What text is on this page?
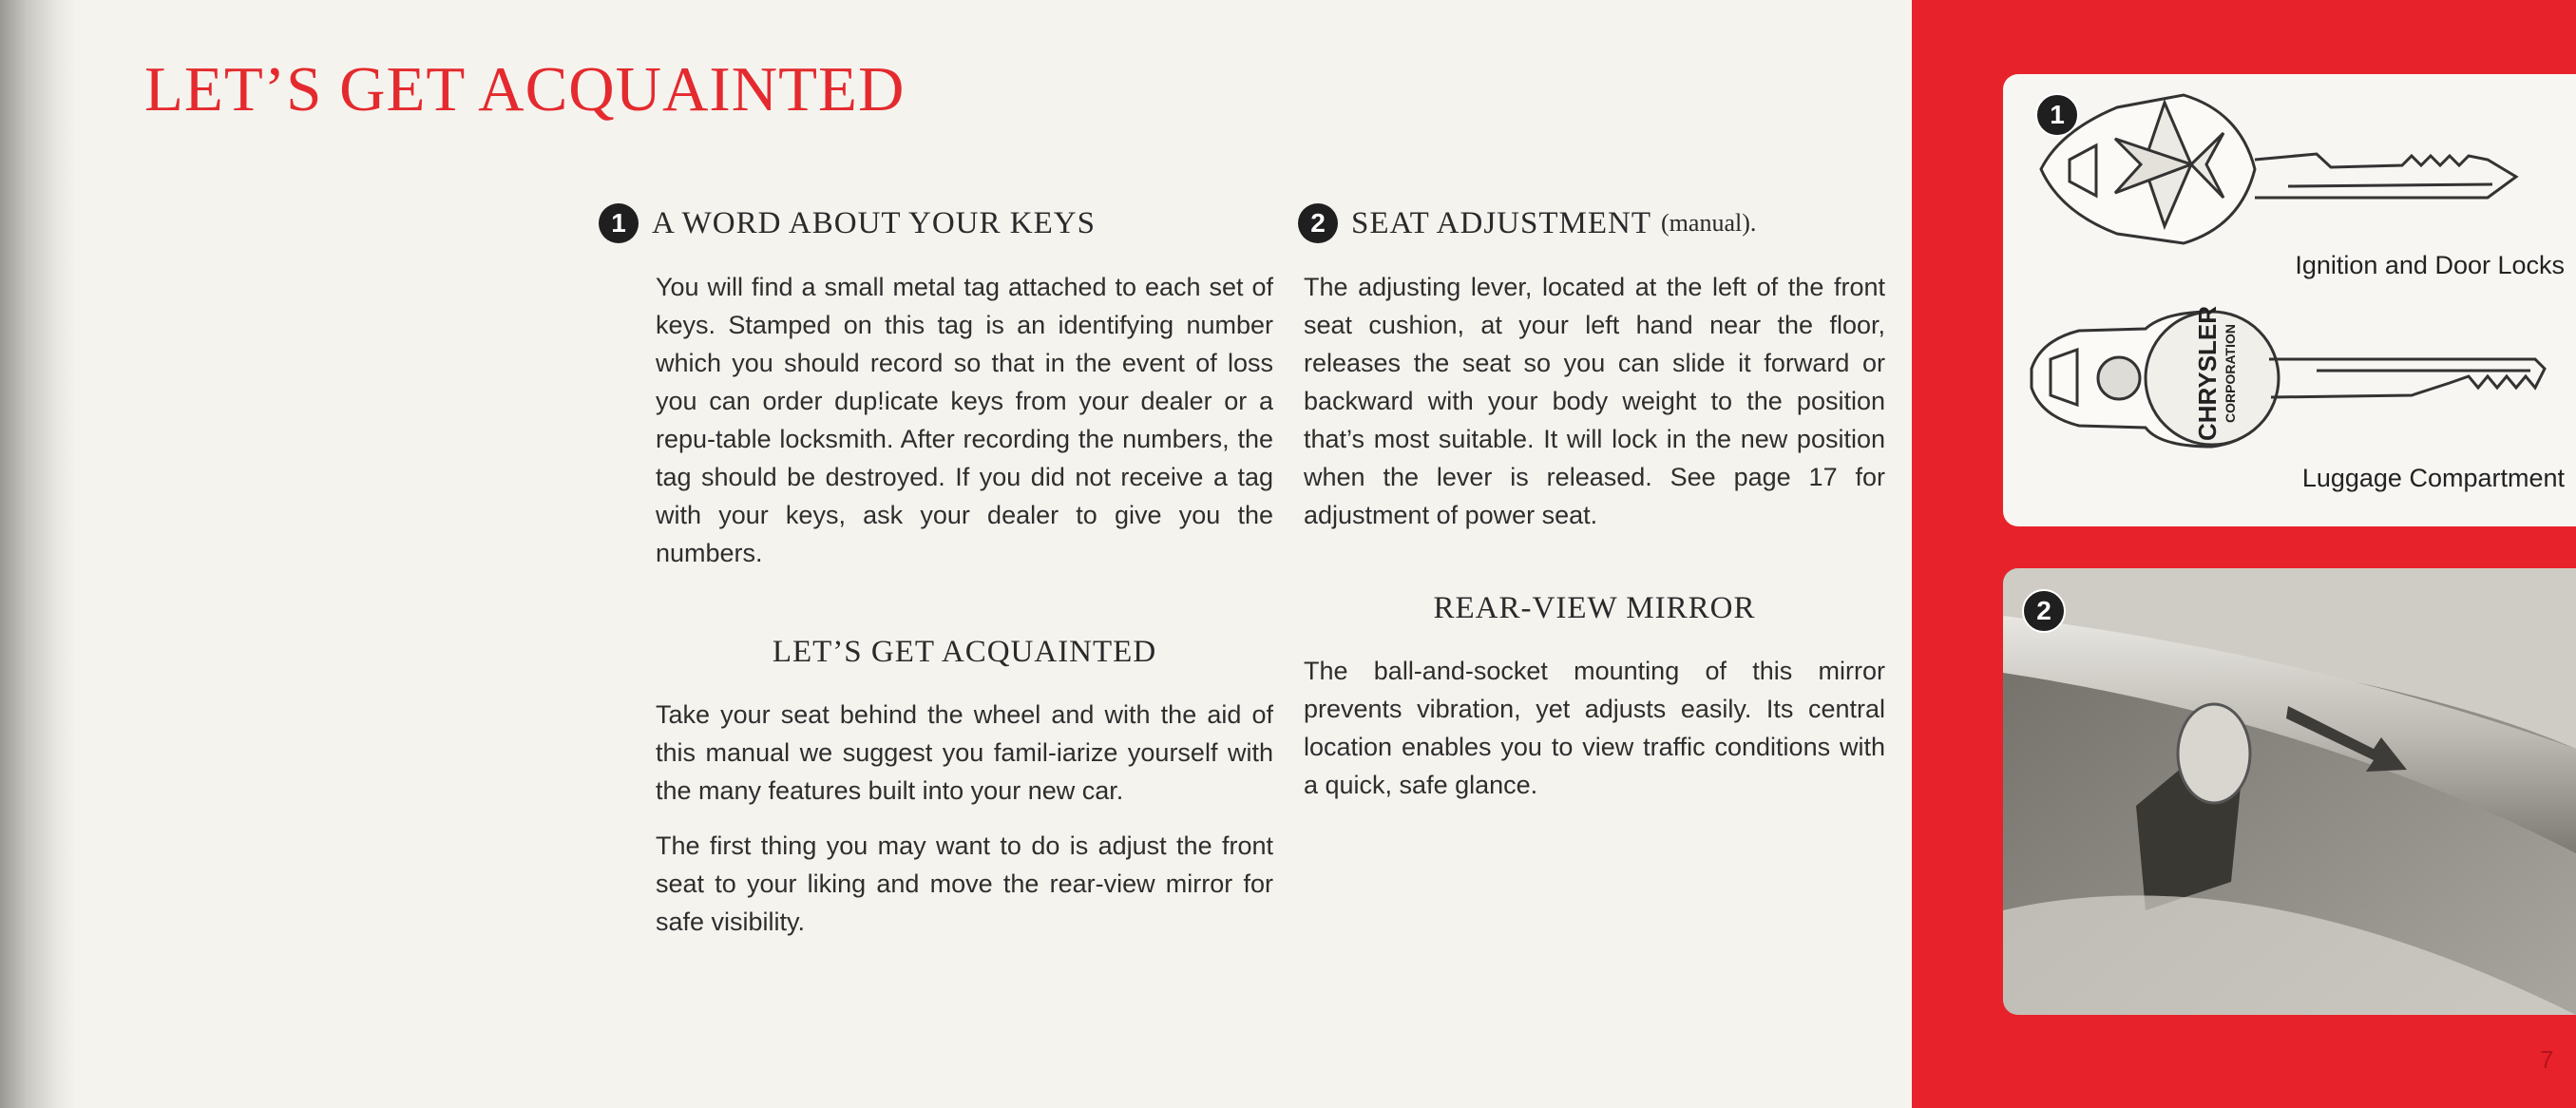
LET’S GET ACQUAINTED
1 A WORD ABOUT YOUR KEYS

You will find a small metal tag attached to each set of keys. Stamped on this tag is an identifying number which you should record so that in the event of loss you can order dup!icate keys from your dealer or a repu-table locksmith. After recording the numbers, the tag should be destroyed. If you did not receive a tag with your keys, ask your dealer to give you the numbers.

LET’S GET ACQUAINTED

Take your seat behind the wheel and with the aid of this manual we suggest you famil-iarize yourself with the many features built into your new car.

The first thing you may want to do is adjust the front seat to your liking and move the rear-view mirror for safe visibility.

2 SEAT ADJUSTMENT (manual).

The adjusting lever, located at the left of the front seat cushion, at your left hand near the floor, releases the seat so you can slide it forward or backward with your body weight to the position that’s most suitable. It will lock in the new position when the lever is released. See page 17 for adjustment of power seat.

REAR-VIEW MIRROR

The ball-and-socket mounting of this mirror prevents vibration, yet adjusts easily. Its central location enables you to view traffic conditions with a quick, safe glance.

CHRYSLER CORPORATION
1
Ignition and Door Locks
Luggage Compartment
2
7
